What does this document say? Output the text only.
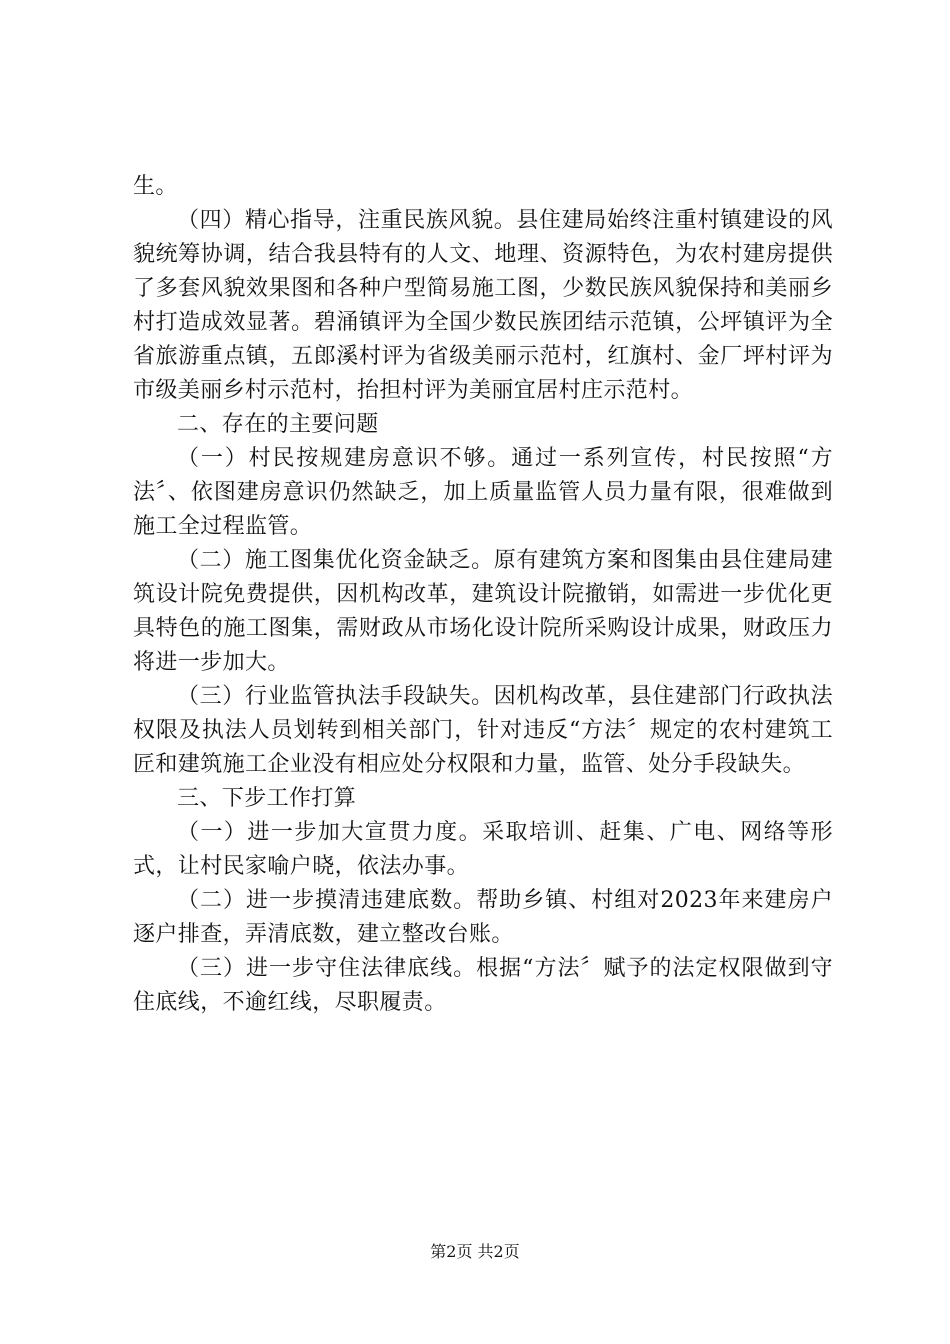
生。

（四）精心指导，注重民族风貌。县住建局始终注重村镇建设的风貌统筹协调，结合我县特有的人文、地理、资源特色，为农村建房提供了多套风貌效果图和各种户型简易施工图，少数民族风貌保持和美丽乡村打造成效显著。碧涌镇评为全国少数民族团结示范镇，公坪镇评为全省旅游重点镇，五郎溪村评为省级美丽示范村，红旗村、金厂坪村评为市级美丽乡村示范村，抬担村评为美丽宜居村庄示范村。

二、存在的主要问题

（一）村民按规建房意识不够。通过一系列宣传，村民按照“方法〞、依图建房意识仍然缺乏，加上质量监管人员力量有限，很难做到施工全过程监管。

（二）施工图集优化资金缺乏。原有建筑方案和图集由县住建局建筑设计院免费提供，因机构改革，建筑设计院撤销，如需进一步优化更具特色的施工图集，需财政从市场化设计院所采购设计成果，财政压力将进一步加大。

（三）行业监管执法手段缺失。因机构改革，县住建部门行政执法权限及执法人员划转到相关部门，针对违反“方法〞规定的农村建筑工匠和建筑施工企业没有相应处分权限和力量，监管、处分手段缺失。

三、下步工作打算

（一）进一步加大宣贯力度。采取培训、赶集、广电、网络等形式，让村民家喻户晓，依法办事。

（二）进一步摸清违建底数。帮助乡镇、村组对2023年来建房户逐户排查，弄清底数，建立整改台账。

（三）进一步守住法律底线。根据“方法〞赋予的法定权限做到守住底线，不逾红线，尽职履责。

第2页 共2页
